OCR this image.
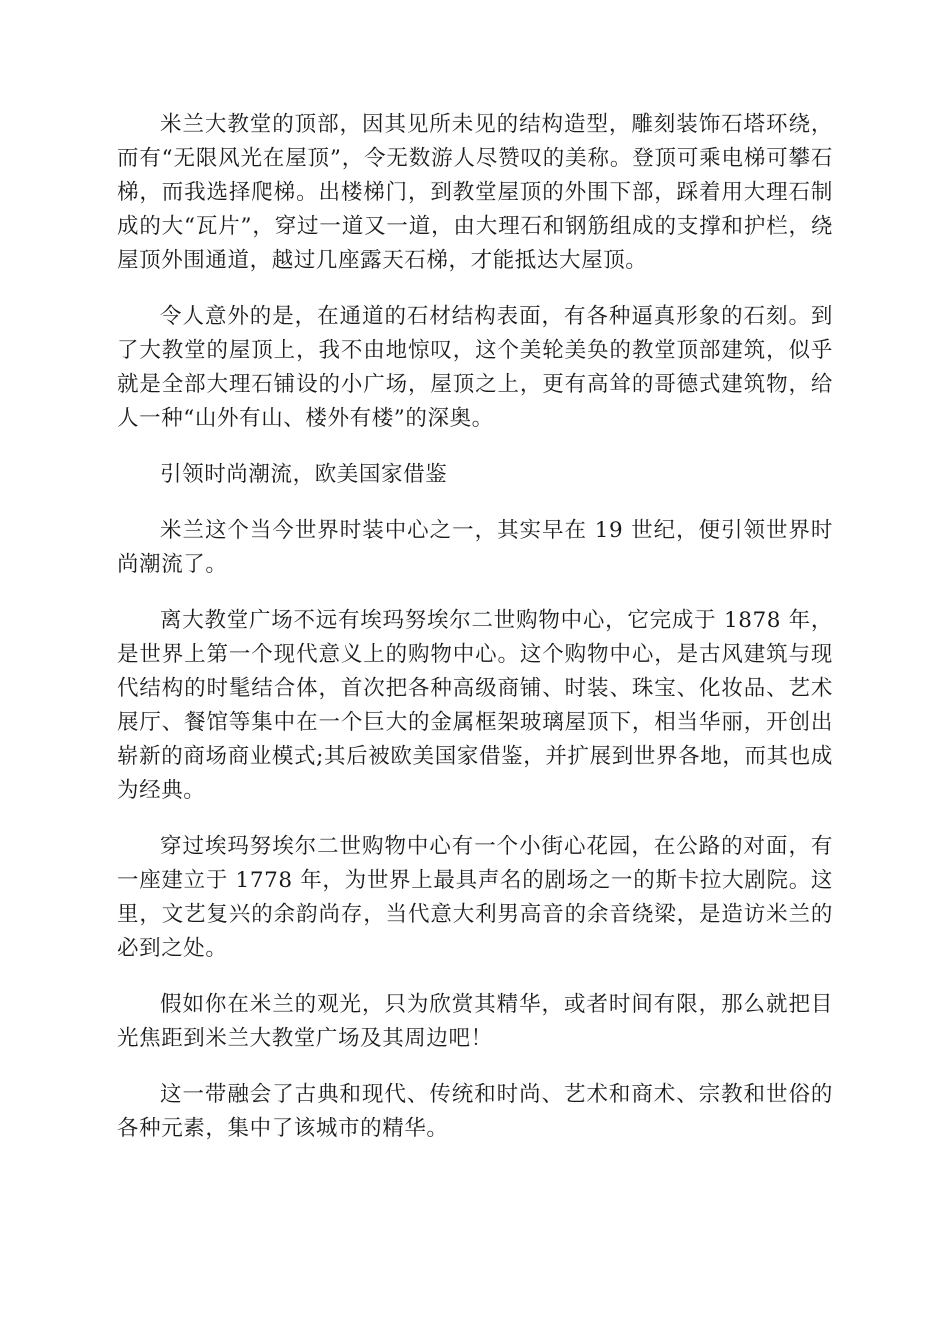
米兰大教堂的顶部，因其见所未见的结构造型，雕刻装饰石塔环绕，而有“无限风光在屋顶”，令无数游人尽赞叹的美称。登顶可乘电梯可攀石梯，而我选择爬梯。出楼梯门，到教堂屋顶的外围下部，踩着用大理石制成的大“瓦片”，穿过一道又一道，由大理石和钢筋组成的支撑和护栏，绕屋顶外围通道，越过几座露天石梯，才能抵达大屋顶。

令人意外的是，在通道的石材结构表面，有各种逼真形象的石刻。到了大教堂的屋顶上，我不由地惊叹，这个美轮美奂的教堂顶部建筑，似乎就是全部大理石铺设的小广场，屋顶之上，更有高耸的哥德式建筑物，给人一种“山外有山、楼外有楼”的深奥。

引领时尚潮流，欧美国家借鉴

米兰这个当今世界时装中心之一，其实早在 19 世纪，便引领世界时尚潮流了。

离大教堂广场不远有埃玛努埃尔二世购物中心，它完成于 1878 年，是世界上第一个现代意义上的购物中心。这个购物中心，是古风建筑与现代结构的时髦结合体，首次把各种高级商铺、时装、珠宝、化妆品、艺术展厅、餐馆等集中在一个巨大的金属框架玻璃屋顶下，相当华丽，开创出崭新的商场商业模式;其后被欧美国家借鉴，并扩展到世界各地，而其也成为经典。

穿过埃玛努埃尔二世购物中心有一个小街心花园，在公路的对面，有一座建立于 1778 年，为世界上最具声名的剧场之一的斯卡拉大剧院。这里，文艺复兴的余韵尚存，当代意大利男高音的余音绕梁，是造访米兰的必到之处。

假如你在米兰的观光，只为欣赏其精华，或者时间有限，那么就把目光焦距到米兰大教堂广场及其周边吧！

这一带融会了古典和现代、传统和时尚、艺术和商术、宗教和世俗的各种元素，集中了该城市的精华。
